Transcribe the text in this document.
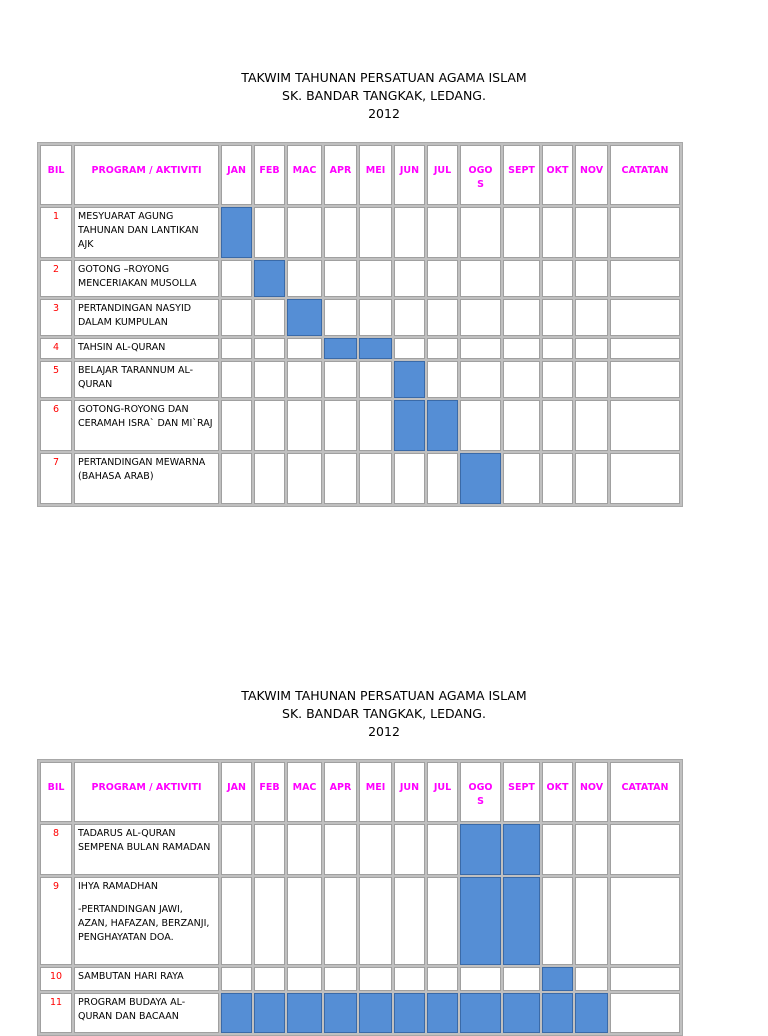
TAKWIM TAHUNAN PERSATUAN AGAMA ISLAM
SK. BANDAR TANGKAK, LEDANG.
2012
BIL	PROGRAM / AKTIVITI	JAN	FEB	MAC	APR	MEI	JUN	JUL	OGO S	SEPT	OKT	NOV	CATATAN
1	MESYUARAT AGUNG TAHUNAN DAN LANTIKAN AJK												

2	GOTONG –ROYONG MENCERIAKAN MUSOLLA												

3	PERTANDINGAN NASYID DALAM KUMPULAN												

4	TAHSIN AL-QURAN												

5	BELAJAR TARANNUM AL-QURAN												

6	GOTONG-ROYONG DAN CERAMAH ISRA` DAN MI`RAJ												

7	PERTANDINGAN MEWARNA (BAHASA ARAB)												

TAKWIM TAHUNAN PERSATUAN AGAMA ISLAM
SK. BANDAR TANGKAK, LEDANG.
2012
BIL	PROGRAM / AKTIVITI	JAN	FEB	MAC	APR	MEI	JUN	JUL	OGO S	SEPT	OKT	NOV	CATATAN
8	TADARUS AL-QURAN SEMPENA BULAN RAMADAN												

9	IHYA RAMADHAN
-PERTANDINGAN JAWI, AZAN, HAFAZAN, BERZANJI, PENGHAYATAN DOA.												

10	SAMBUTAN HARI RAYA												

11	PROGRAM BUDAYA AL-QURAN DAN BACAAN												
